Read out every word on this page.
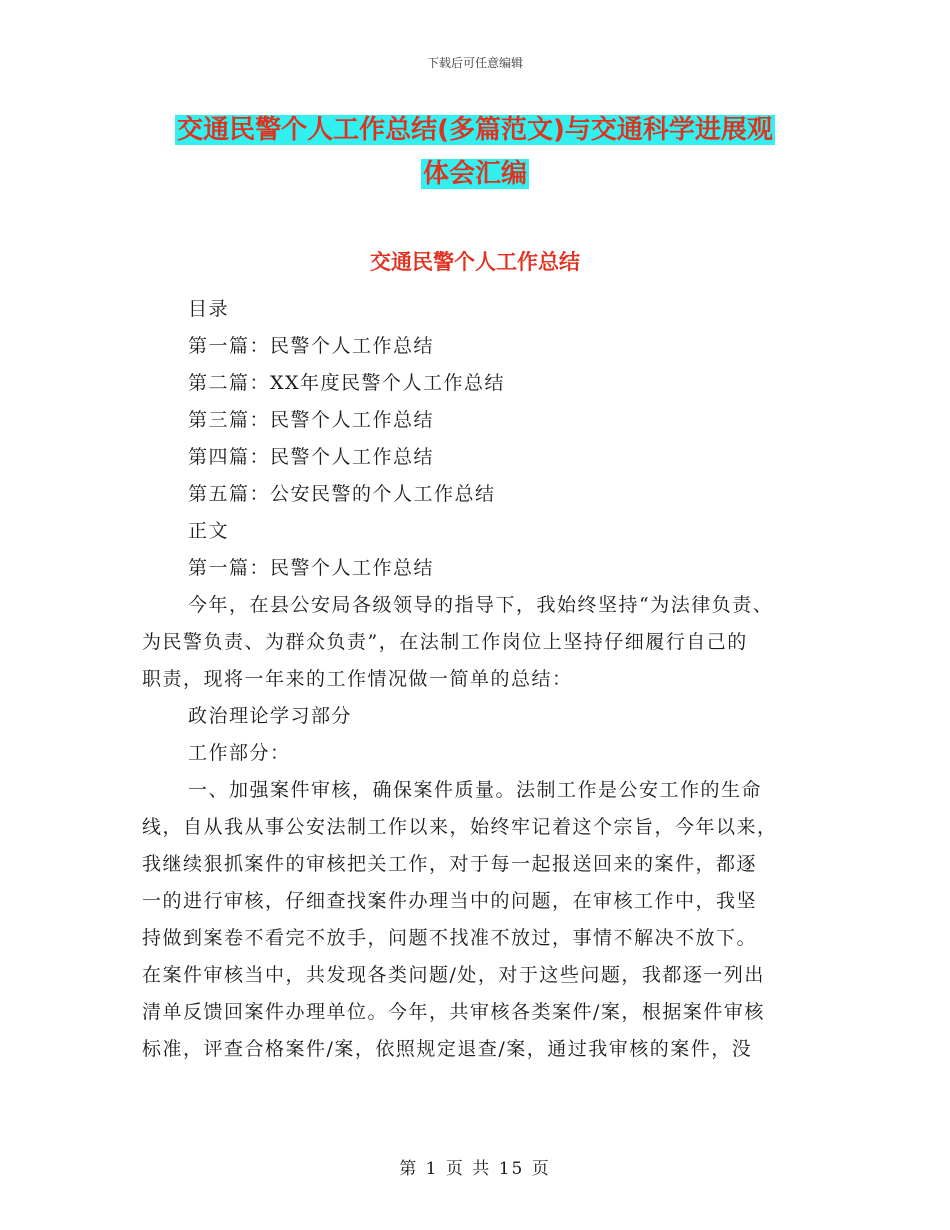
下载后可任意编辑
交通民警个人工作总结(多篇范文)与交通科学进展观
体会汇编
交通民警个人工作总结
目录
第一篇：民警个人工作总结
第二篇：XX年度民警个人工作总结
第三篇：民警个人工作总结
第四篇：民警个人工作总结
第五篇：公安民警的个人工作总结
正文
第一篇：民警个人工作总结
今年，在县公安局各级领导的指导下，我始终坚持“为法律负责、
为民警负责、为群众负责”，在法制工作岗位上坚持仔细履行自己的
职责，现将一年来的工作情况做一简单的总结：
政治理论学习部分
工作部分：
一、加强案件审核，确保案件质量。法制工作是公安工作的生命
线，自从我从事公安法制工作以来，始终牢记着这个宗旨，今年以来，
我继续狠抓案件的审核把关工作，对于每一起报送回来的案件，都逐
一的进行审核，仔细查找案件办理当中的问题，在审核工作中，我坚
持做到案卷不看完不放手，问题不找准不放过，事情不解决不放下。
在案件审核当中，共发现各类问题/处，对于这些问题，我都逐一列出
清单反馈回案件办理单位。今年，共审核各类案件/案，根据案件审核
标准，评查合格案件/案，依照规定退查/案，通过我审核的案件，没
第 1 页 共 15 页
